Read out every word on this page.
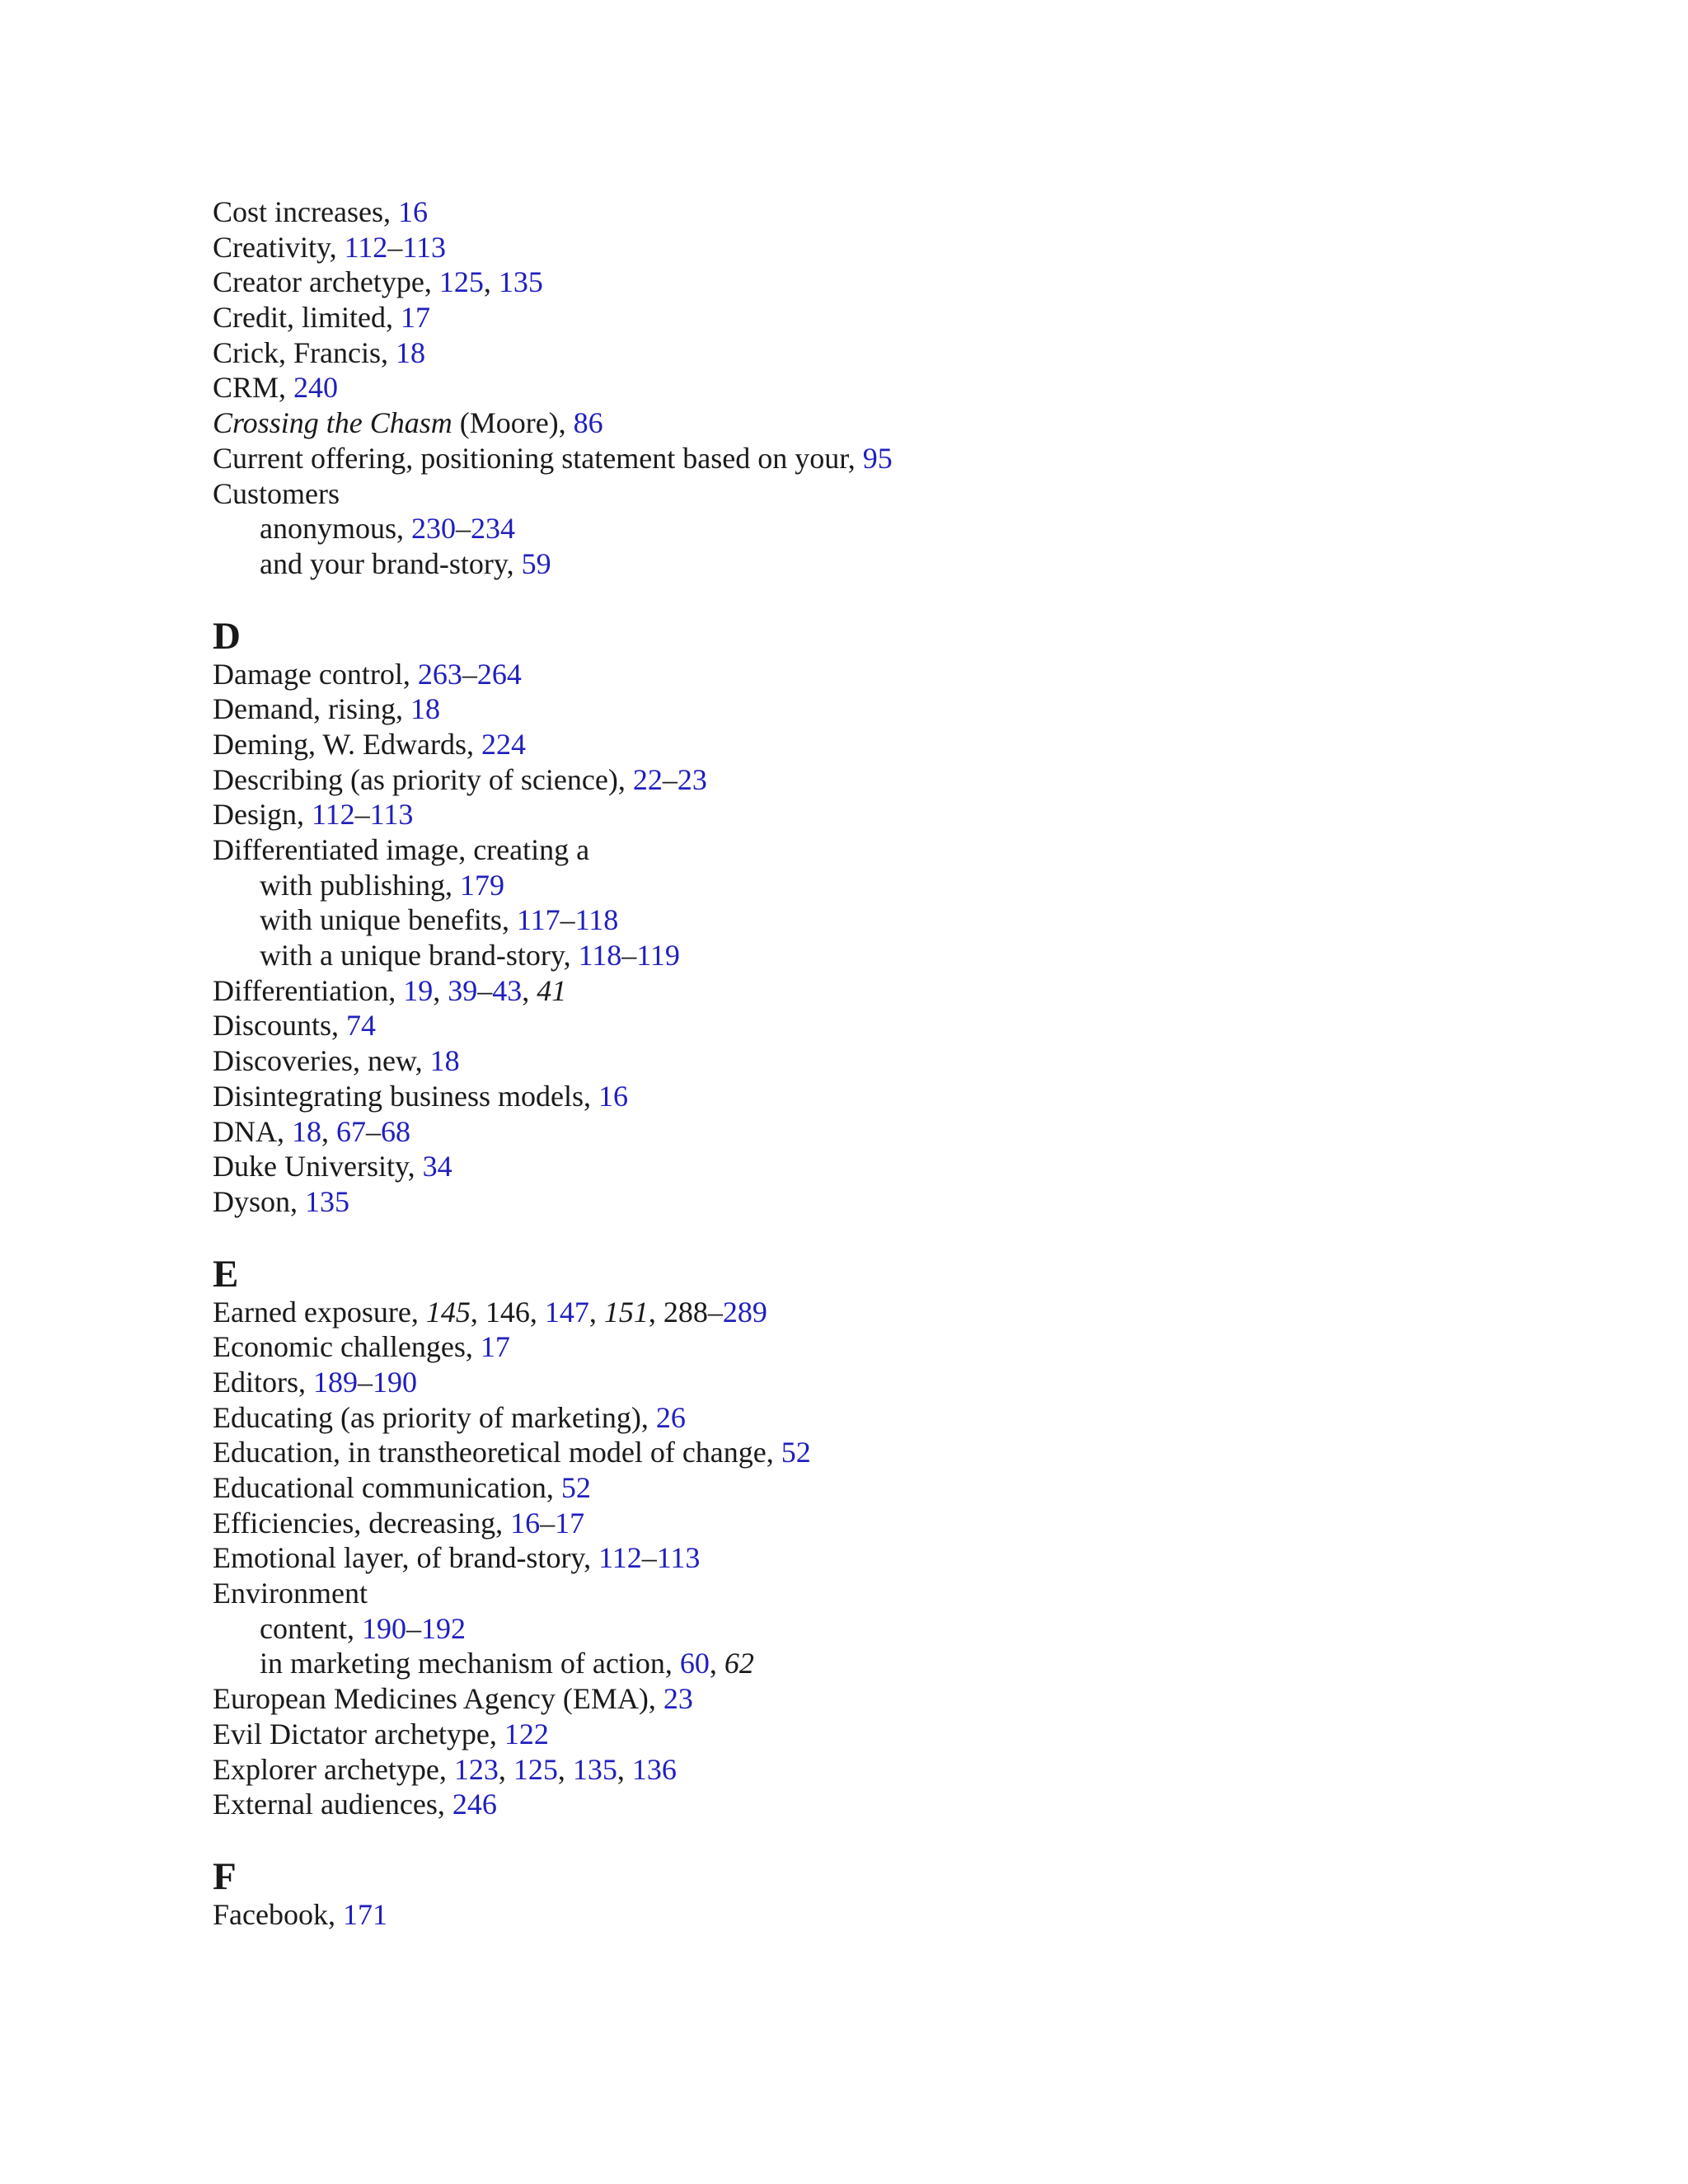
Cost increases, 16
Creativity, 112–113
Creator archetype, 125, 135
Credit, limited, 17
Crick, Francis, 18
CRM, 240
Crossing the Chasm (Moore), 86
Current offering, positioning statement based on your, 95
Customers
anonymous, 230–234
and your brand-story, 59
D
Damage control, 263–264
Demand, rising, 18
Deming, W. Edwards, 224
Describing (as priority of science), 22–23
Design, 112–113
Differentiated image, creating a
with publishing, 179
with unique benefits, 117–118
with a unique brand-story, 118–119
Differentiation, 19, 39–43, 41
Discounts, 74
Discoveries, new, 18
Disintegrating business models, 16
DNA, 18, 67–68
Duke University, 34
Dyson, 135
E
Earned exposure, 145, 146, 147, 151, 288–289
Economic challenges, 17
Editors, 189–190
Educating (as priority of marketing), 26
Education, in transtheoretical model of change, 52
Educational communication, 52
Efficiencies, decreasing, 16–17
Emotional layer, of brand-story, 112–113
Environment
content, 190–192
in marketing mechanism of action, 60, 62
European Medicines Agency (EMA), 23
Evil Dictator archetype, 122
Explorer archetype, 123, 125, 135, 136
External audiences, 246
F
Facebook, 171
